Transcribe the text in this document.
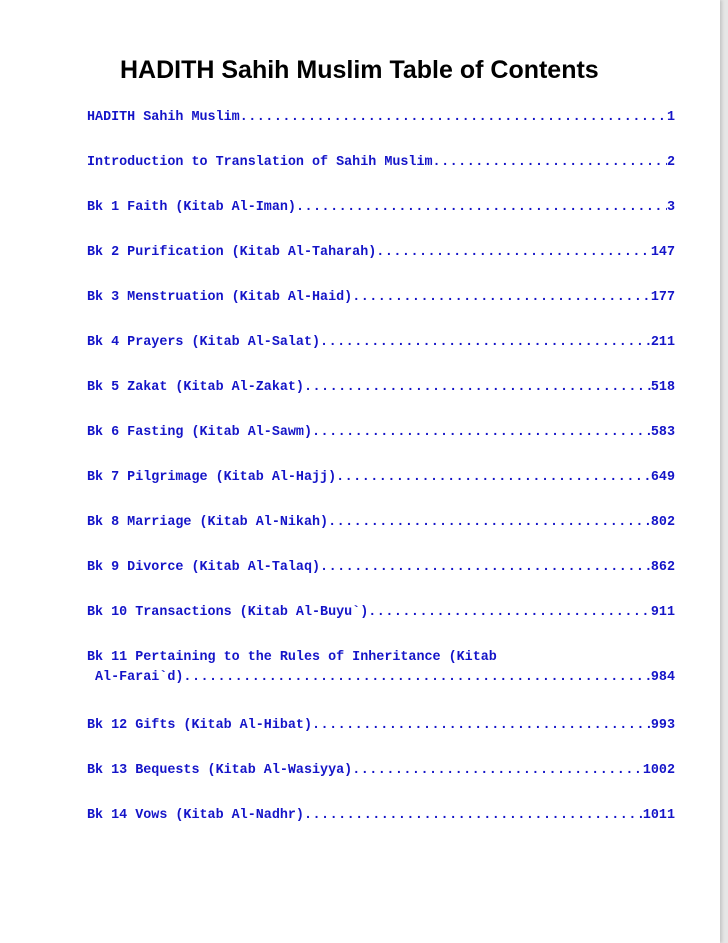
HADITH Sahih Muslim Table of Contents
HADITH Sahih Muslim .....	1
Introduction to Translation of Sahih Muslim .....	2
Bk 1 Faith (Kitab Al-Iman) .....	3
Bk 2 Purification (Kitab Al-Taharah) .....	147
Bk 3 Menstruation (Kitab Al-Haid) .....	177
Bk 4 Prayers (Kitab Al-Salat) .....	211
Bk 5 Zakat (Kitab Al-Zakat) .....	518
Bk 6 Fasting (Kitab Al-Sawm) .....	583
Bk 7 Pilgrimage (Kitab Al-Hajj) .....	649
Bk 8 Marriage (Kitab Al-Nikah) .....	802
Bk 9 Divorce (Kitab Al-Talaq) .....	862
Bk 10 Transactions (Kitab Al-Buyu`) .....	911
Bk 11 Pertaining to the Rules of Inheritance (Kitab
Al-Farai`d) .....	984
Bk 12 Gifts (Kitab Al-Hibat) .....	993
Bk 13 Bequests (Kitab Al-Wasiyya) .....	1002
Bk 14 Vows (Kitab Al-Nadhr) .....	1011
